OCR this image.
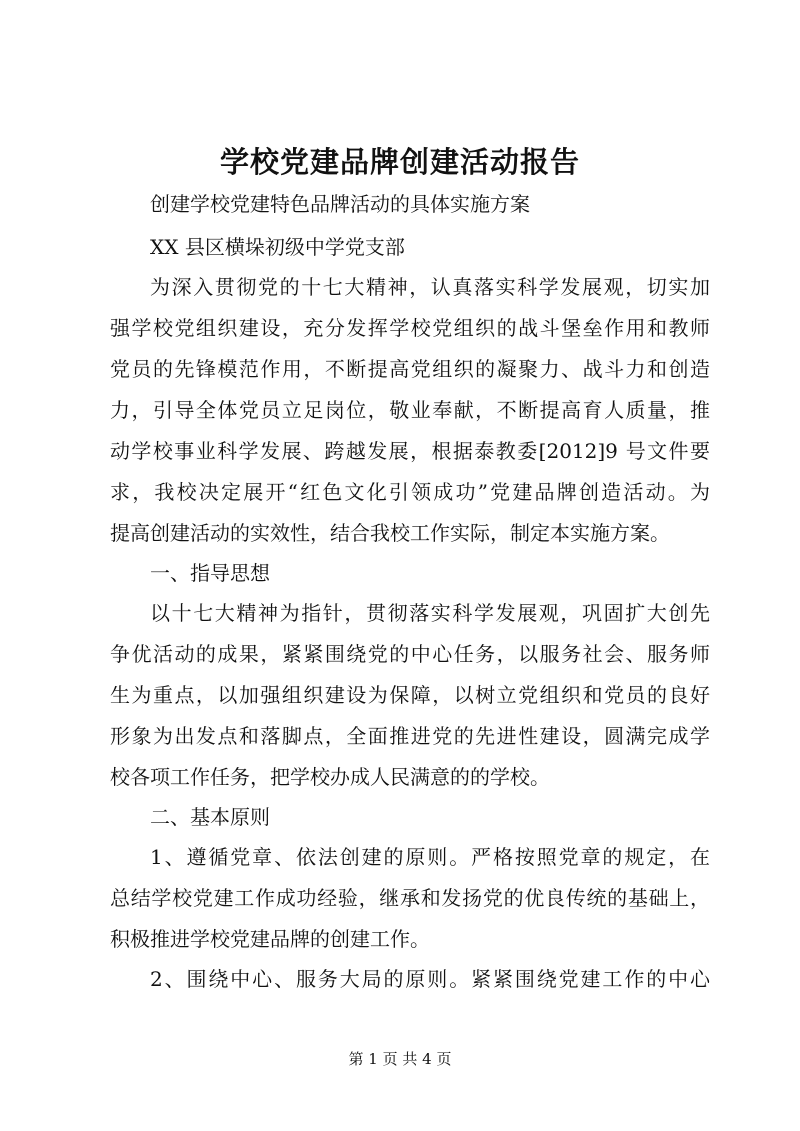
学校党建品牌创建活动报告
创建学校党建特色品牌活动的具体实施方案
XX 县区横垛初级中学党支部
为深入贯彻党的十七大精神，认真落实科学发展观，切实加
强学校党组织建设，充分发挥学校党组织的战斗堡垒作用和教师
党员的先锋模范作用，不断提高党组织的凝聚力、战斗力和创造
力，引导全体党员立足岗位，敬业奉献，不断提高育人质量，推
动学校事业科学发展、跨越发展，根据泰教委[2012]9 号文件要
求，我校决定展开“红色文化引领成功”党建品牌创造活动。为
提高创建活动的实效性，结合我校工作实际，制定本实施方案。
一、指导思想
以十七大精神为指针，贯彻落实科学发展观，巩固扩大创先
争优活动的成果，紧紧围绕党的中心任务，以服务社会、服务师
生为重点，以加强组织建设为保障，以树立党组织和党员的良好
形象为出发点和落脚点，全面推进党的先进性建设，圆满完成学
校各项工作任务，把学校办成人民满意的的学校。
二、基本原则
1、遵循党章、依法创建的原则。严格按照党章的规定，在
总结学校党建工作成功经验，继承和发扬党的优良传统的基础上，
积极推进学校党建品牌的创建工作。
2、围绕中心、服务大局的原则。紧紧围绕党建工作的中心
第 1 页 共 4 页
